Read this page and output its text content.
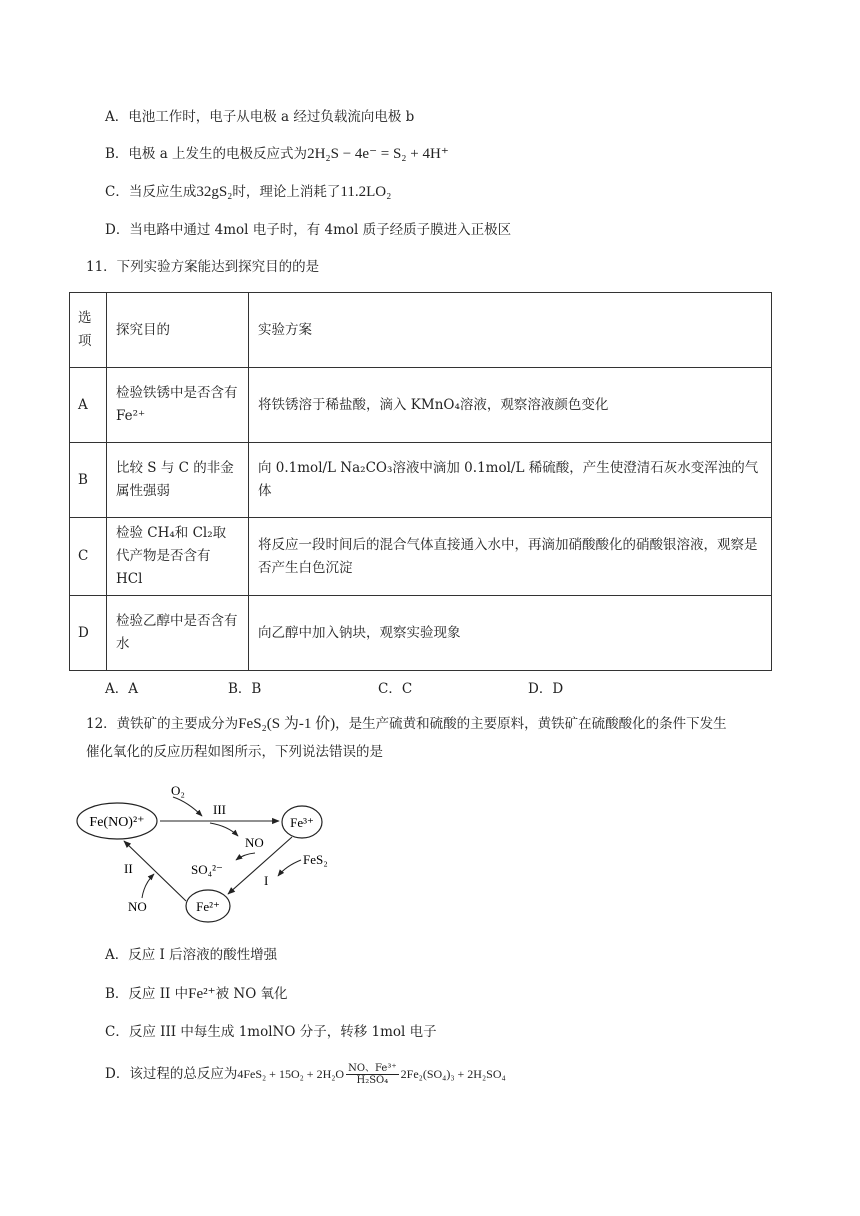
A．电池工作时，电子从电极 a 经过负载流向电极 b
B．电极 a 上发生的电极反应式为2H₂S − 4e⁻ = S₂ + 4H⁺
C．当反应生成32gS₂时，理论上消耗了11.2LO₂
D．当电路中通过 4mol 电子时，有 4mol 质子经质子膜进入正极区
11．下列实验方案能达到探究目的的是
选项	探究目的	实验方案
A	检验铁锈中是否含有Fe²⁺	将铁锈溶于稀盐酸，滴入 KMnO₄溶液，观察溶液颜色变化
B	比较 S 与 C 的非金属性强弱	向 0.1mol/L Na₂CO₃溶液中滴加 0.1mol/L 稀硫酸，产生使澄清石灰水变浑浊的气体
C	检验 CH₄和 Cl₂取代产物是否含有 HCl	将反应一段时间后的混合气体直接通入水中，再滴加硝酸酸化的硝酸银溶液，观察是否产生白色沉淀
D	检验乙醇中是否含有水	向乙醇中加入钠块，观察实验现象
A．A	B．B	C．C	D．D
12．黄铁矿的主要成分为FeS₂(S 为-1 价)，是生产硫黄和硫酸的主要原料，黄铁矿在硫酸酸化的条件下发生
催化氧化的反应历程如图所示，下列说法错误的是
Fe(NO)²⁺	Fe³⁺
Fe²⁺
O₂
III
NO
FeS₂
I
SO₄²⁻
II
NO
A．反应 I 后溶液的酸性增强
B．反应 II 中Fe²⁺被 NO 氧化
C．反应 III 中每生成 1molNO 分子，转移 1mol 电子
D．该过程的总反应为$4FeS_2 + 15O_2 + 2H_2O \frac{\text{NO、Fe³⁺}}{\text{H₂SO₄}} 2Fe_2(SO_4)_3 + 2H_2SO_4$
